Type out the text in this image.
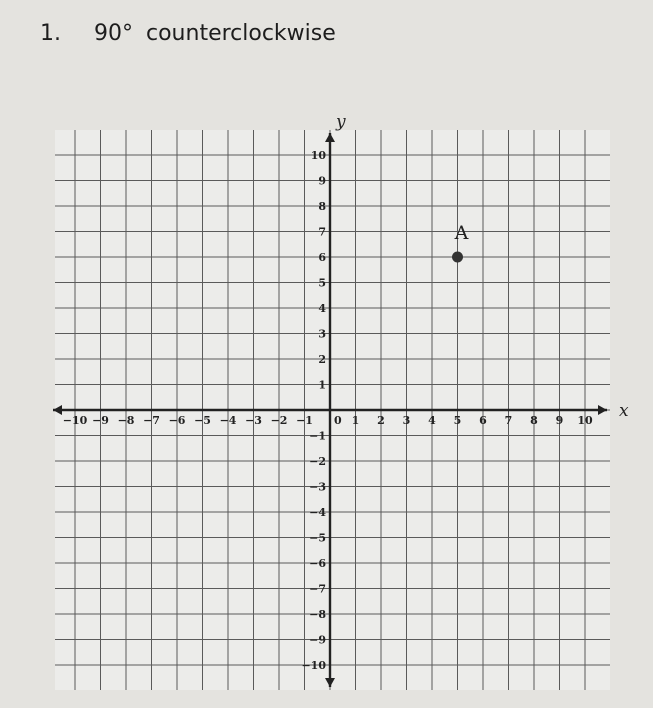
1. 90° counterclockwise
x
y
−10 −9 −8 −7 −6 −5 −4 −3 −2 −1	1 2 3 4 5 6 7 8 9 10
−10
−9
−8
−7
−6
−5
−4
−3
−2
−1
1
2
3
4
5
6
7
8
9
10
0
A
